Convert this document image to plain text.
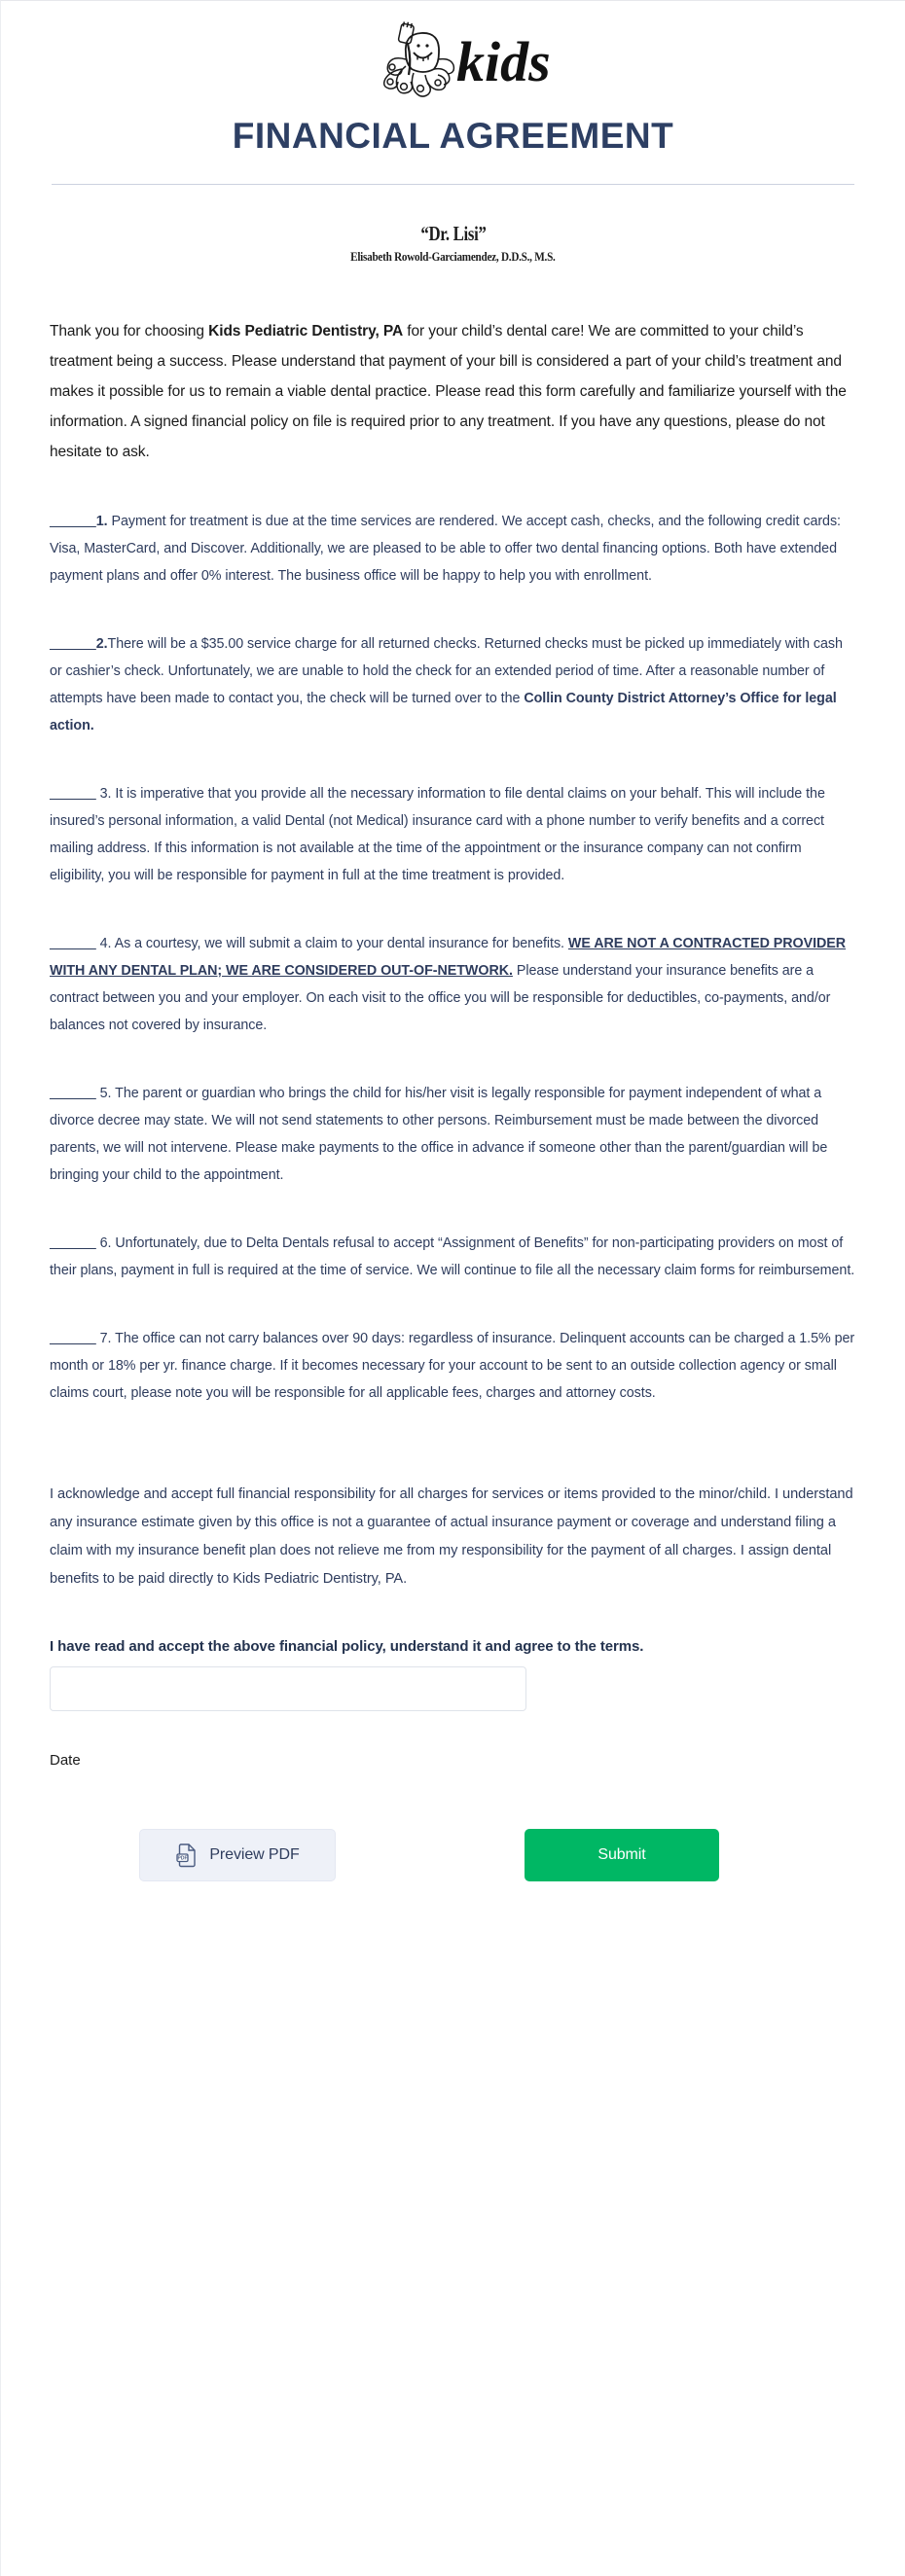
kids
FINANCIAL AGREEMENT
“Dr. Lisi”
Elisabeth Rowold-Garciamendez, D.D.S., M.S.

Thank you for choosing Kids Pediatric Dentistry, PA for your child’s dental care! We are committed to your child’s treatment being a success. Please understand that payment of your bill is considered a part of your child’s treatment and makes it possible for us to remain a viable dental practice. Please read this form carefully and familiarize yourself with the information. A signed financial policy on file is required prior to any treatment. If you have any questions, please do not hesitate to ask.

______1. Payment for treatment is due at the time services are rendered. We accept cash, checks, and the following credit cards: Visa, MasterCard, and Discover. Additionally, we are pleased to be able to offer two dental financing options. Both have extended payment plans and offer 0% interest. The business office will be happy to help you with enrollment.

______2.There will be a $35.00 service charge for all returned checks. Returned checks must be picked up immediately with cash or cashier’s check. Unfortunately, we are unable to hold the check for an extended period of time. After a reasonable number of attempts have been made to contact you, the check will be turned over to the Collin County District Attorney’s Office for legal action.

______ 3. It is imperative that you provide all the necessary information to file dental claims on your behalf. This will include the insured’s personal information, a valid Dental (not Medical) insurance card with a phone number to verify benefits and a correct mailing address. If this information is not available at the time of the appointment or the insurance company can not confirm eligibility, you will be responsible for payment in full at the time treatment is provided.

______ 4. As a courtesy, we will submit a claim to your dental insurance for benefits. WE ARE NOT A CONTRACTED PROVIDER WITH ANY DENTAL PLAN; WE ARE CONSIDERED OUT-OF-NETWORK. Please understand your insurance benefits are a contract between you and your employer. On each visit to the office you will be responsible for deductibles, co-payments, and/or balances not covered by insurance.

______ 5. The parent or guardian who brings the child for his/her visit is legally responsible for payment independent of what a divorce decree may state. We will not send statements to other persons. Reimbursement must be made between the divorced parents, we will not intervene. Please make payments to the office in advance if someone other than the parent/guardian will be bringing your child to the appointment.

______ 6. Unfortunately, due to Delta Dentals refusal to accept “Assignment of Benefits” for non-participating providers on most of their plans, payment in full is required at the time of service. We will continue to file all the necessary claim forms for reimbursement.

______ 7. The office can not carry balances over 90 days: regardless of insurance. Delinquent accounts can be charged a 1.5% per month or 18% per yr. finance charge. If it becomes necessary for your account to be sent to an outside collection agency or small claims court, please note you will be responsible for all applicable fees, charges and attorney costs.

I acknowledge and accept full financial responsibility for all charges for services or items provided to the minor/child. I understand any insurance estimate given by this office is not a guarantee of actual insurance payment or coverage and understand filing a claim with my insurance benefit plan does not relieve me from my responsibility for the payment of all charges. I assign dental benefits to be paid directly to Kids Pediatric Dentistry, PA.

I have read and accept the above financial policy, understand it and agree to the terms.
Date
PDF Preview PDF	Submit
